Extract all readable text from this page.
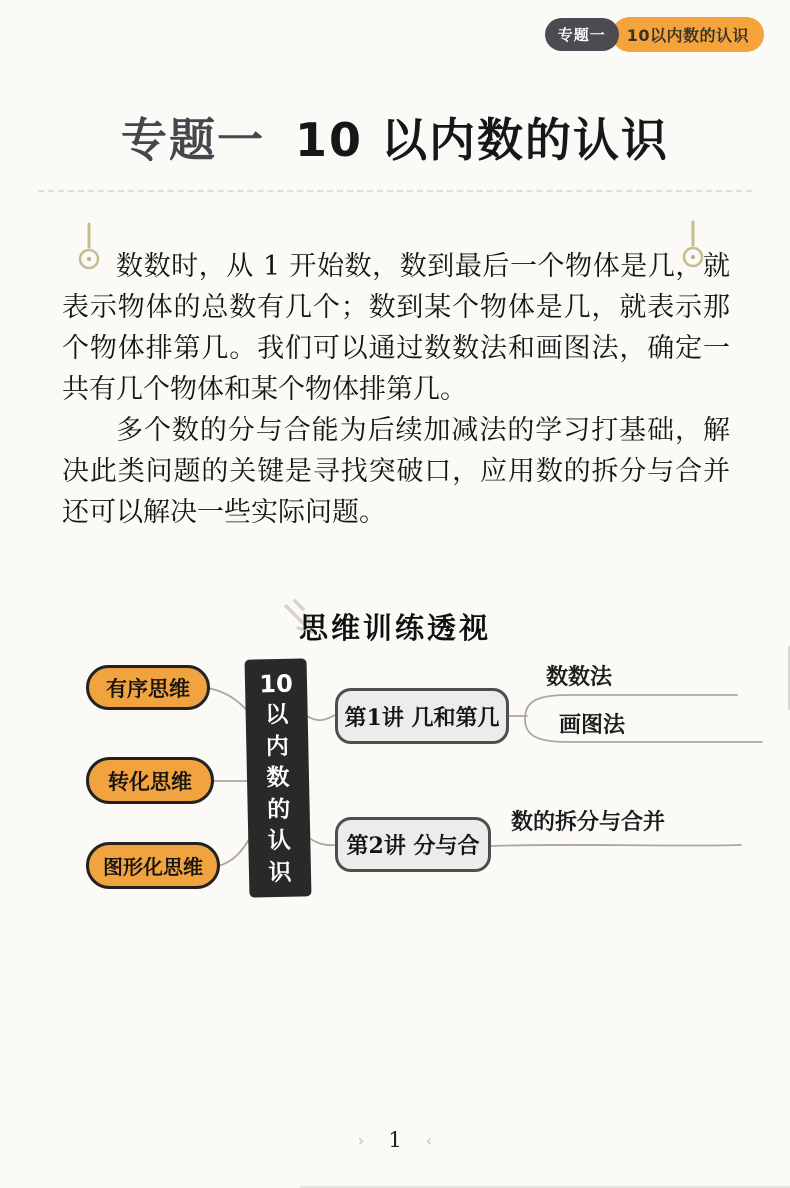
专题一	10以内数的认识
专题一 10 以内数的认识

数数时，从 1 开始数，数到最后一个物体是几，就表示物体的总数有几个；数到某个物体是几，就表示那个物体排第几。我们可以通过数数法和画图法，确定一共有几个物体和某个物体排第几。

多个数的分与合能为后续加减法的学习打基础，解决此类问题的关键是寻找突破口，应用数的拆分与合并还可以解决一些实际问题。

思维训练透视
有序思维
转化思维
图形化思维
10
以
内
数
的
认
识
第1讲 几和第几
第2讲 分与合
数数法
画图法
数的拆分与合并
› 1 ‹
